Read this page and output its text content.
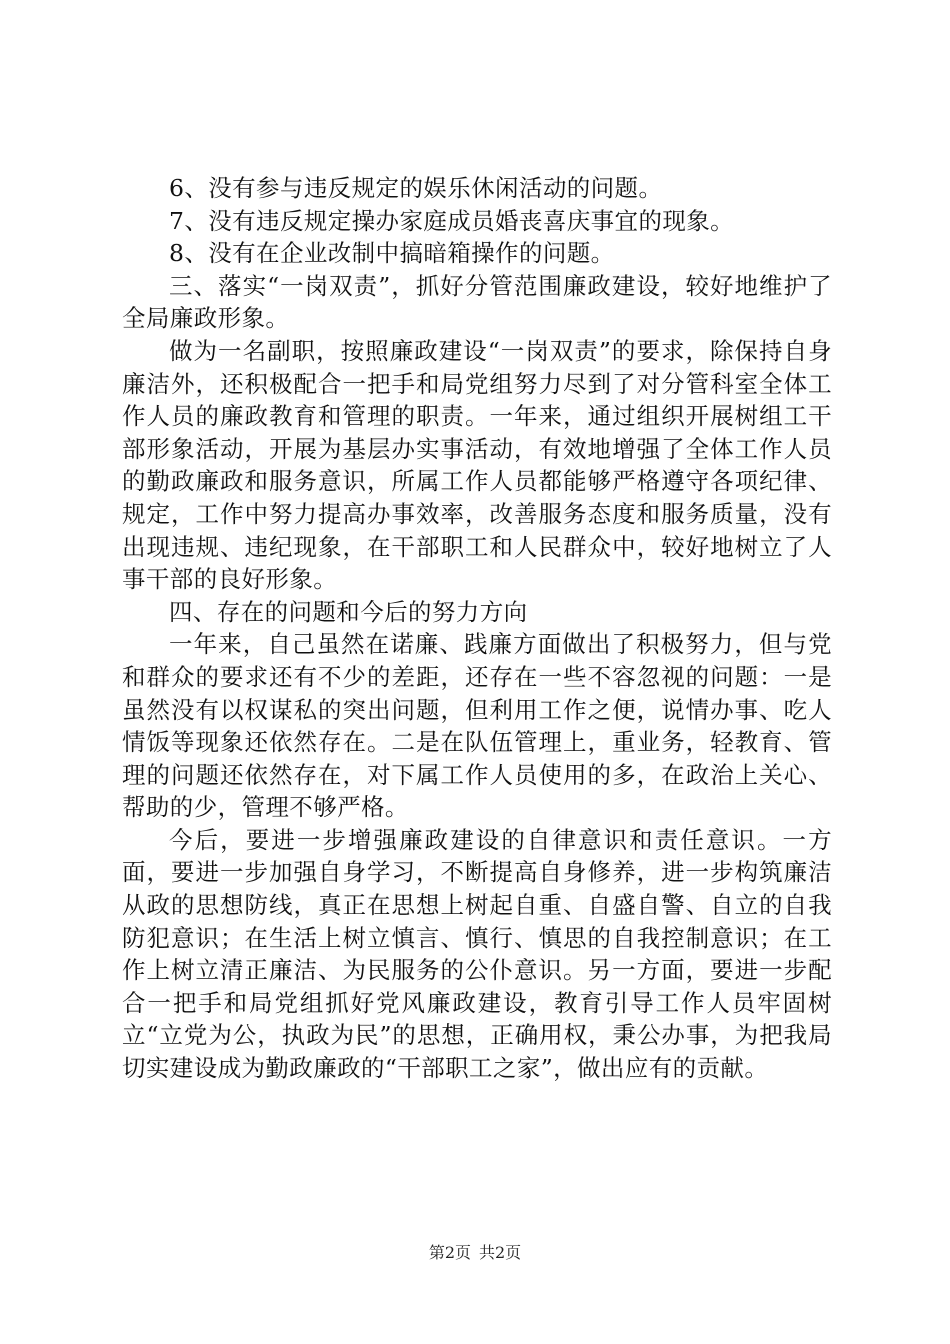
6、没有参与违反规定的娱乐休闲活动的问题。

7、没有违反规定操办家庭成员婚丧喜庆事宜的现象。

8、没有在企业改制中搞暗箱操作的问题。

三、落实“一岗双责”，抓好分管范围廉政建设，较好地维护了全局廉政形象。

做为一名副职，按照廉政建设“一岗双责”的要求，除保持自身廉洁外，还积极配合一把手和局党组努力尽到了对分管科室全体工作人员的廉政教育和管理的职责。一年来，通过组织开展树组工干部形象活动，开展为基层办实事活动，有效地增强了全体工作人员的勤政廉政和服务意识，所属工作人员都能够严格遵守各项纪律、规定，工作中努力提高办事效率，改善服务态度和服务质量，没有出现违规、违纪现象，在干部职工和人民群众中，较好地树立了人事干部的良好形象。

四、存在的问题和今后的努力方向

一年来，自己虽然在诺廉、践廉方面做出了积极努力，但与党和群众的要求还有不少的差距，还存在一些不容忽视的问题：一是虽然没有以权谋私的突出问题，但利用工作之便，说情办事、吃人情饭等现象还依然存在。二是在队伍管理上，重业务，轻教育、管理的问题还依然存在，对下属工作人员使用的多，在政治上关心、帮助的少，管理不够严格。

今后，要进一步增强廉政建设的自律意识和责任意识。一方面，要进一步加强自身学习，不断提高自身修养，进一步构筑廉洁从政的思想防线，真正在思想上树起自重、自盛自警、自立的自我防犯意识；在生活上树立慎言、慎行、慎思的自我控制意识；在工作上树立清正廉洁、为民服务的公仆意识。另一方面，要进一步配合一把手和局党组抓好党风廉政建设，教育引导工作人员牢固树立“立党为公，执政为民”的思想，正确用权，秉公办事，为把我局切实建设成为勤政廉政的“干部职工之家”，做出应有的贡献。

第2页 共2页
